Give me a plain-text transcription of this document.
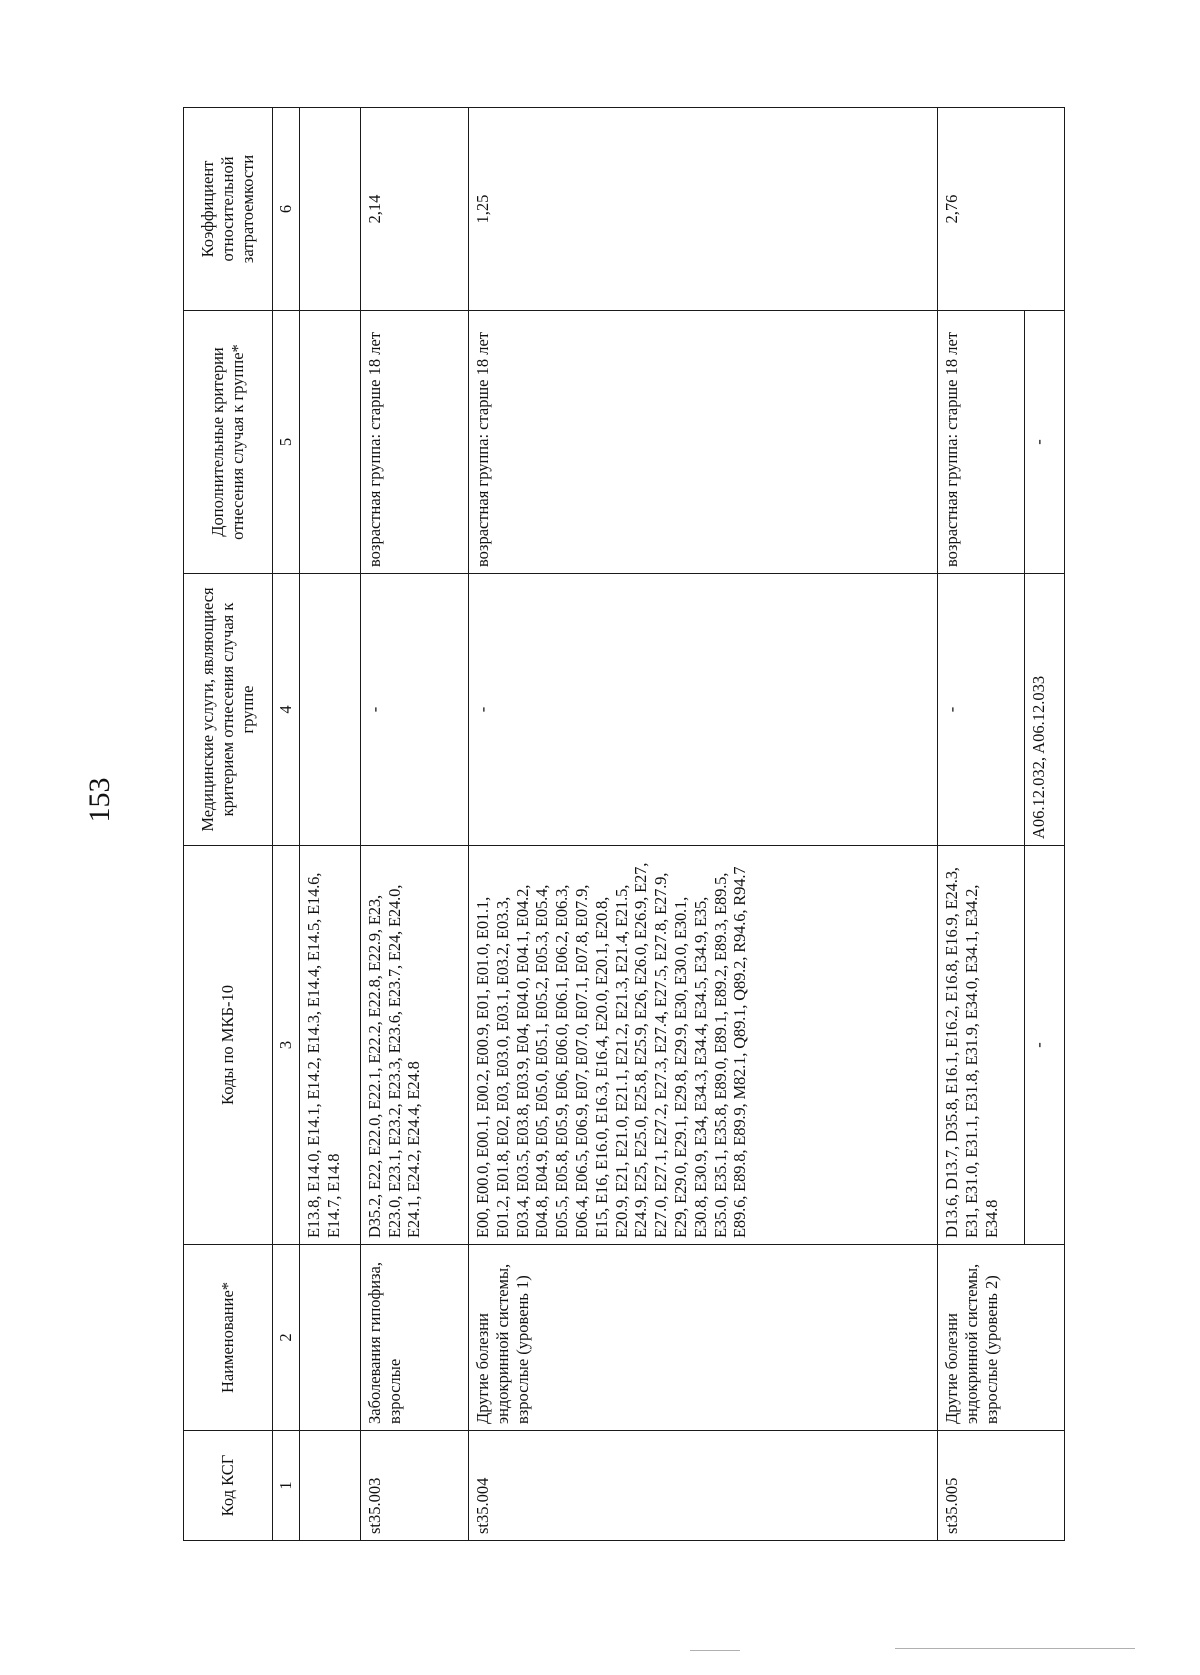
153
Код КСГ	Наименование*	Коды по МКБ-10	Медицинские услуги, являющиеся критерием отнесения случая к группе	Дополнительные критерии отнесения случая к группе*	Коэффициент относительной затратоемкости
1	2	3	4	5	6
		E13.8, E14.0, E14.1, E14.2, E14.3, E14.4, E14.5, E14.6, E14.7, E14.8			
st35.003	Заболевания гипофиза, взрослые	D35.2, E22, E22.0, E22.1, E22.2, E22.8, E22.9, E23, E23.0, E23.1, E23.2, E23.3, E23.6, E23.7, E24, E24.0, E24.1, E24.2, E24.4, E24.8	-	возрастная группа: старше 18 лет	2,14
st35.004	Другие болезни эндокринной системы, взрослые (уровень 1)	E00, E00.0, E00.1, E00.2, E00.9, E01, E01.0, E01.1, E01.2, E01.8, E02, E03, E03.0, E03.1, E03.2, E03.3, E03.4, E03.5, E03.8, E03.9, E04, E04.0, E04.1, E04.2, E04.8, E04.9, E05, E05.0, E05.1, E05.2, E05.3, E05.4, E05.5, E05.8, E05.9, E06, E06.0, E06.1, E06.2, E06.3, E06.4, E06.5, E06.9, E07, E07.0, E07.1, E07.8, E07.9, E15, E16, E16.0, E16.3, E16.4, E20.0, E20.1, E20.8, E20.9, E21, E21.0, E21.1, E21.2, E21.3, E21.4, E21.5, E24.9, E25, E25.0, E25.8, E25.9, E26, E26.0, E26.9, E27, E27.0, E27.1, E27.2, E27.3, E27.4, E27.5, E27.8, E27.9, E29, E29.0, E29.1, E29.8, E29.9, E30, E30.0, E30.1, E30.8, E30.9, E34, E34.3, E34.4, E34.5, E34.9, E35, E35.0, E35.1, E35.8, E89.0, E89.1, E89.2, E89.3, E89.5, E89.6, E89.8, E89.9, M82.1, Q89.1, Q89.2, R94.6, R94.7	-	возрастная группа: старше 18 лет	1,25
st35.005	Другие болезни эндокринной системы, взрослые (уровень 2)	D13.6, D13.7, D35.8, E16.1, E16.2, E16.8, E16.9, E24.3, E31, E31.0, E31.1, E31.8, E31.9, E34.0, E34.1, E34.2, E34.8	-	возрастная группа: старше 18 лет	2,76
		-	A06.12.032, A06.12.033	-	
